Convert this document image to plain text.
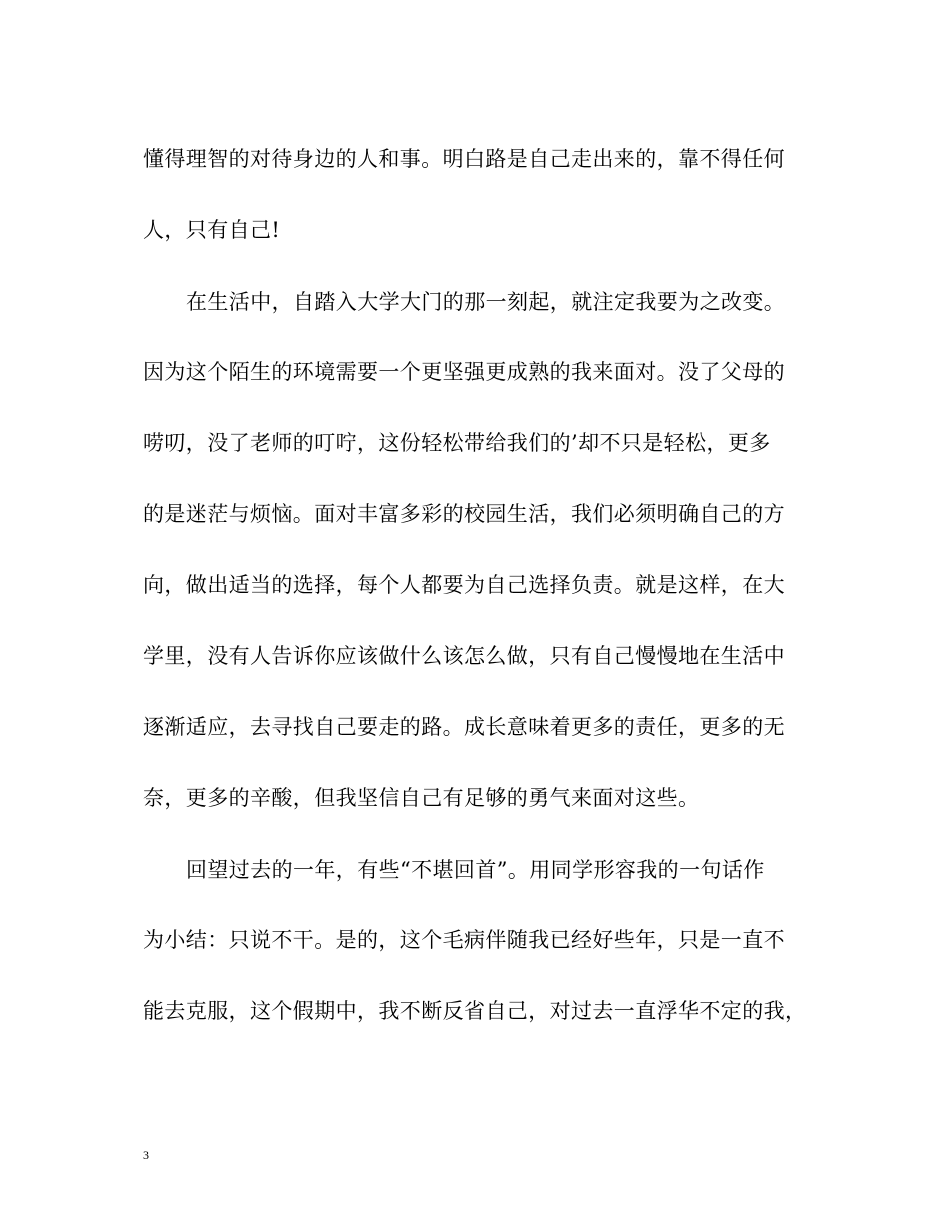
懂得理智的对待身边的人和事。明白路是自己走出来的，靠不得任何
人，只有自己!
在生活中，自踏入大学大门的那一刻起，就注定我要为之改变。
因为这个陌生的环境需要一个更坚强更成熟的我来面对。没了父母的
唠叨，没了老师的叮咛，这份轻松带给我们的’却不只是轻松，更多
的是迷茫与烦恼。面对丰富多彩的校园生活，我们必须明确自己的方
向，做出适当的选择，每个人都要为自己选择负责。就是这样，在大
学里，没有人告诉你应该做什么该怎么做，只有自己慢慢地在生活中
逐渐适应，去寻找自己要走的路。成长意味着更多的责任，更多的无
奈，更多的辛酸，但我坚信自己有足够的勇气来面对这些。
回望过去的一年，有些“不堪回首”。用同学形容我的一句话作
为小结：只说不干。是的，这个毛病伴随我已经好些年，只是一直不
能去克服，这个假期中，我不断反省自己，对过去一直浮华不定的我，
3
